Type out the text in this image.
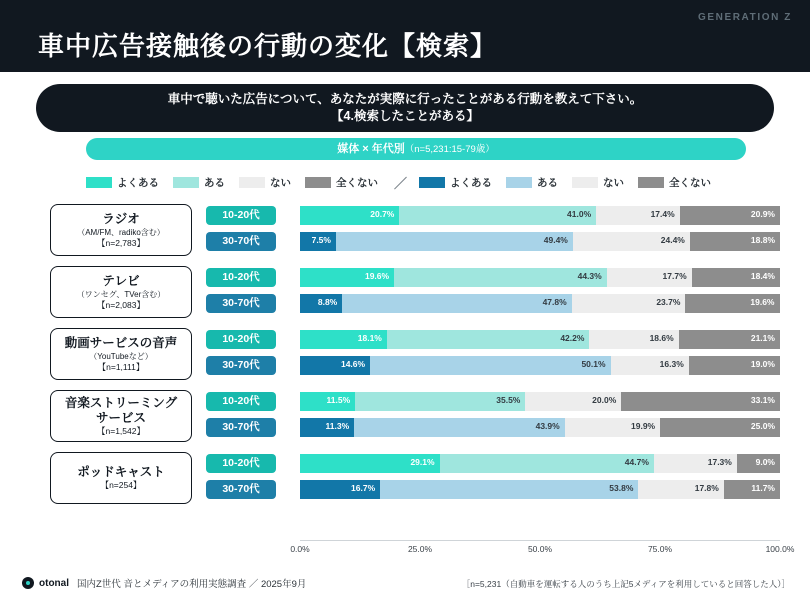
GENERATION Z
車中広告接触後の行動の変化【検索】
車中で聴いた広告について、あなたが実際に行ったことがある行動を教えて下さい。
【4.検索したことがある】
媒体 × 年代別（n=5,231:15-79歳）
よくある	ある	ない	全くない ／	よくある	ある	ない	全くない
ラジオ
（AM/FM、radiko含む）
【n=2,783】
10-20代	20.7%	41.0%	17.4%	20.9%
30-70代	7.5%	49.4%	24.4%	18.8%
テレビ
（ワンセグ、TVer含む）
【n=2,083】
10-20代	19.6%	44.3%	17.7%	18.4%
30-70代	8.8%	47.8%	23.7%	19.6%
動画サービスの音声
（YouTubeなど）
【n=1,111】
10-20代	18.1%	42.2%	18.6%	21.1%
30-70代	14.6%	50.1%	16.3%	19.0%
音楽ストリーミング
サービス
【n=1,542】
10-20代	11.5%	35.5%	20.0%	33.1%
30-70代	11.3%	43.9%	19.9%	25.0%
ポッドキャスト
【n=254】
10-20代	29.1%	44.7%	17.3%	9.0%
30-70代	16.7%	53.8%	17.8%	11.7%
0.0%	25.0%	50.0%	75.0%	100.0%
otonal 国内Z世代 音とメディアの利用実態調査 ／ 2025年9月	［n=5,231（自動車を運転する人のうち上記5メディアを利用していると回答した人）］
